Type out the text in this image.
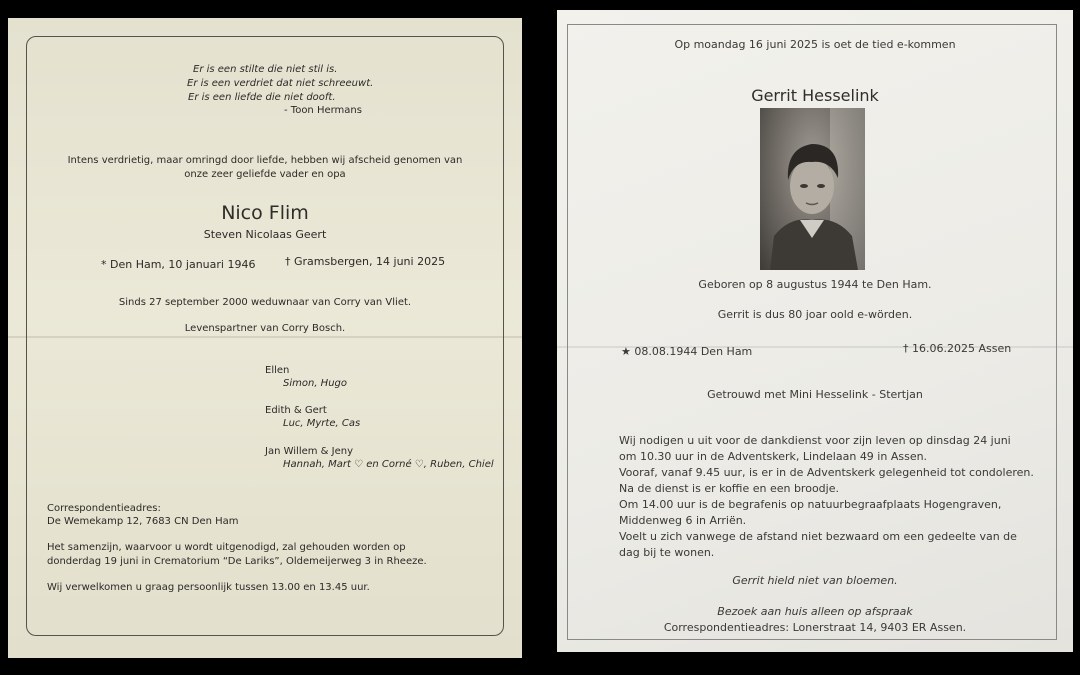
Er is een stilte die niet stil is.
Er is een verdriet dat niet schreeuwt.
Er is een liefde die niet dooft.
- Toon Hermans
Intens verdrietig, maar omringd door liefde, hebben wij afscheid genomen van
onze zeer geliefde vader en opa
Nico Flim
Steven Nicolaas Geert
* Den Ham, 10 januari 1946	† Gramsbergen, 14 juni 2025
Sinds 27 september 2000 weduwnaar van Corry van Vliet.
Levenspartner van Corry Bosch.
Ellen
Simon, Hugo
Edith & Gert
Luc, Myrte, Cas
Jan Willem & Jeny
Hannah, Mart ♡ en Corné ♡, Ruben, Chiel
Correspondentieadres:
De Wemekamp 12, 7683 CN Den Ham
Het samenzijn, waarvoor u wordt uitgenodigd, zal gehouden worden op
donderdag 19 juni in Crematorium “De Lariks”, Oldemeijerweg 3 in Rheeze.
Wij verwelkomen u graag persoonlijk tussen 13.00 en 13.45 uur.
Op moandag 16 juni 2025 is oet de tied e-kommen
Gerrit Hesselink
Geboren op 8 augustus 1944 te Den Ham.
Gerrit is dus 80 joar oold e-wörden.
★ 08.08.1944 Den Ham	† 16.06.2025 Assen
Getrouwd met Mini Hesselink - Stertjan
Wij nodigen u uit voor de dankdienst voor zijn leven op dinsdag 24 juni
om 10.30 uur in de Adventskerk, Lindelaan 49 in Assen.
Vooraf, vanaf 9.45 uur, is er in de Adventskerk gelegenheid tot condoleren.
Na de dienst is er koffie en een broodje.
Om 14.00 uur is de begrafenis op natuurbegraafplaats Hogengraven,
Middenweg 6 in Arriën.
Voelt u zich vanwege de afstand niet bezwaard om een gedeelte van de
dag bij te wonen.
Gerrit hield niet van bloemen.
Bezoek aan huis alleen op afspraak
Correspondentieadres: Lonerstraat 14, 9403 ER Assen.
